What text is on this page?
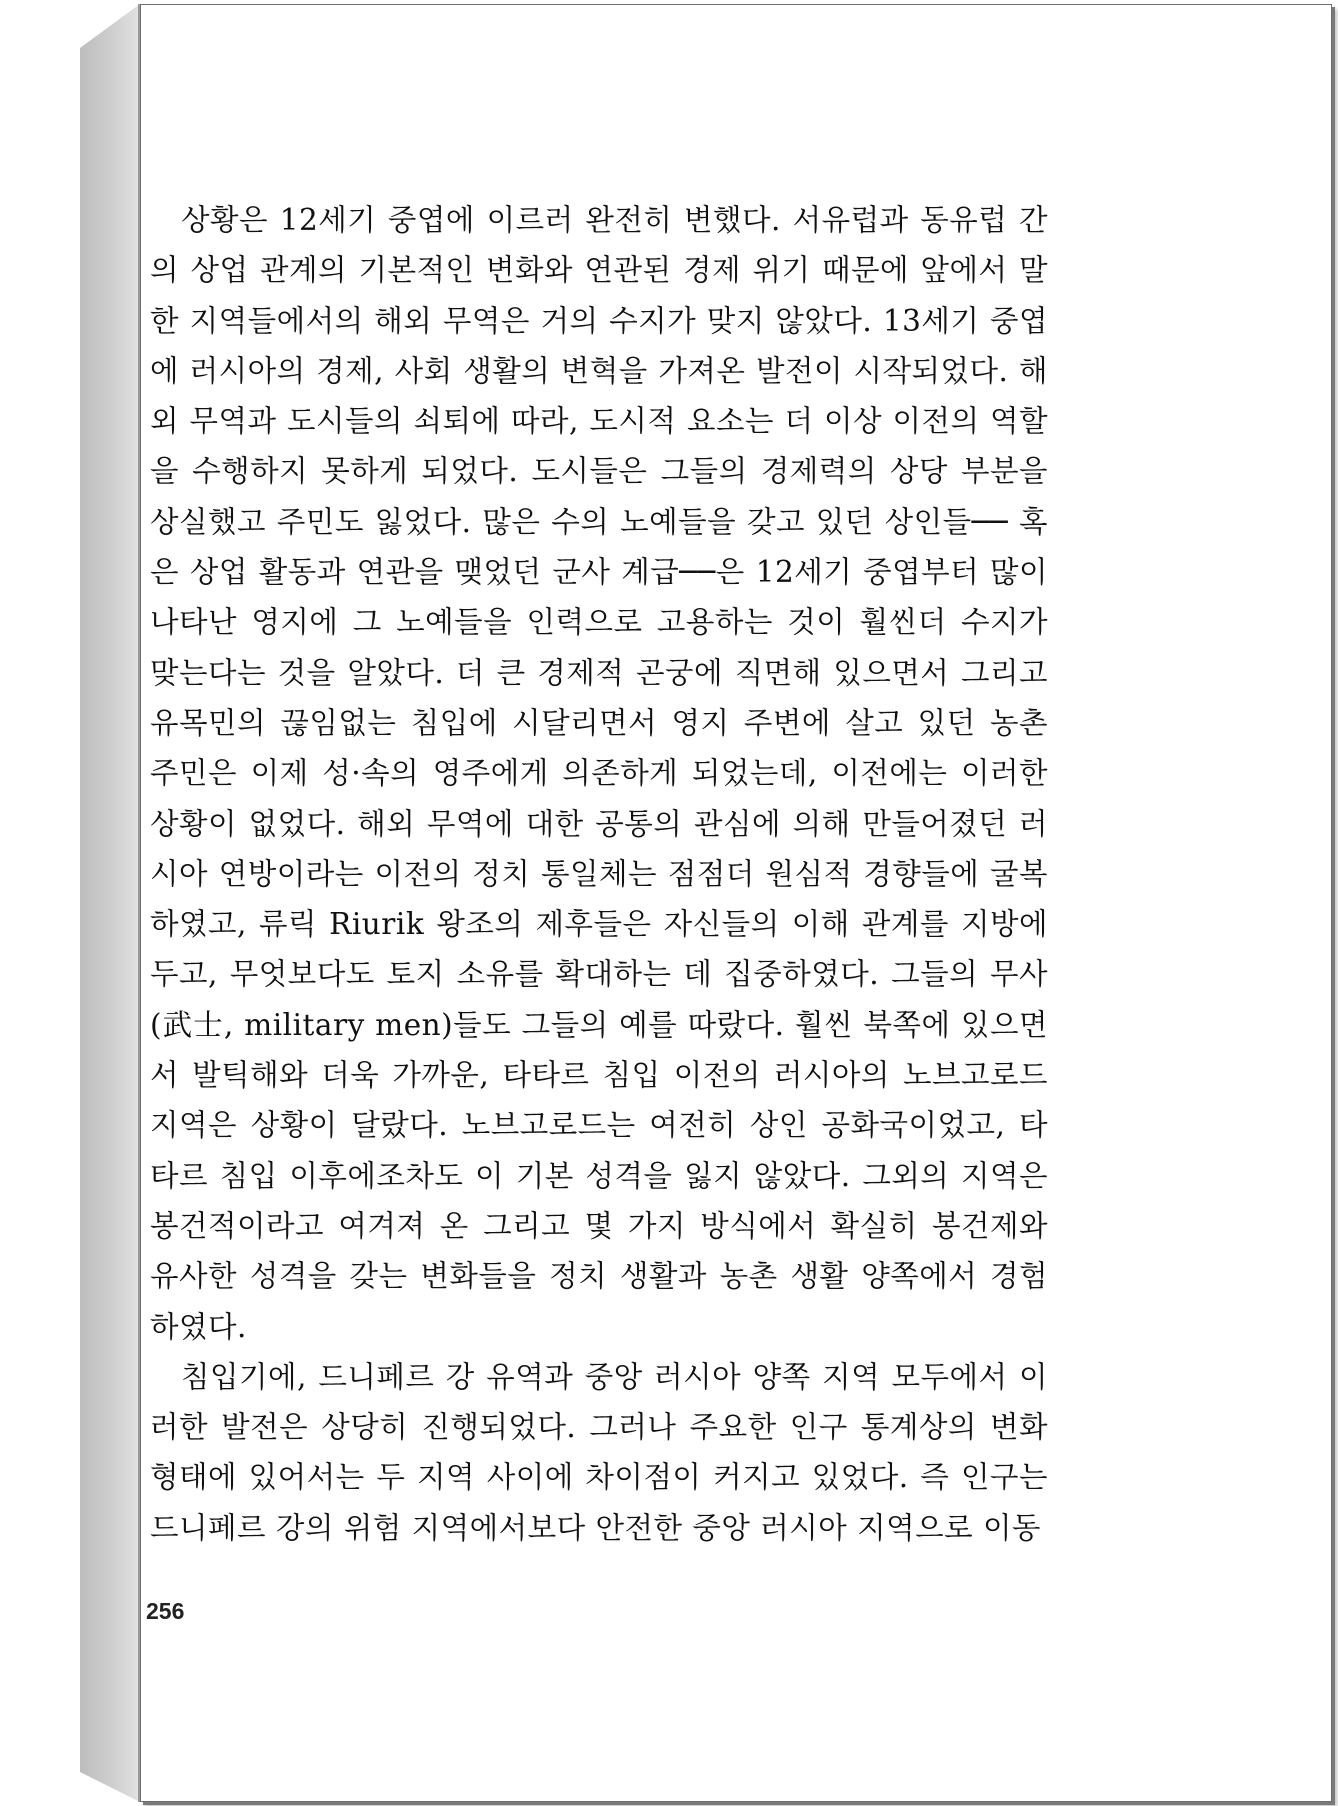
상황은 12세기 중엽에 이르러 완전히 변했다. 서유럽과 동유럽 간의 상업 관계의 기본적인 변화와 연관된 경제 위기 때문에 앞에서 말한 지역들에서의 해외 무역은 거의 수지가 맞지 않았다. 13세기 중엽에 러시아의 경제, 사회 생활의 변혁을 가져온 발전이 시작되었다. 해외 무역과 도시들의 쇠퇴에 따라, 도시적 요소는 더 이상 이전의 역할을 수행하지 못하게 되었다. 도시들은 그들의 경제력의 상당 부분을 상실했고 주민도 잃었다. 많은 수의 노예들을 갖고 있던 상인들── 혹은 상업 활동과 연관을 맺었던 군사 계급──은 12세기 중엽부터 많이 나타난 영지에 그 노예들을 인력으로 고용하는 것이 훨씬더 수지가 맞는다는 것을 알았다. 더 큰 경제적 곤궁에 직면해 있으면서 그리고 유목민의 끊임없는 침입에 시달리면서 영지 주변에 살고 있던 농촌 주민은 이제 성·속의 영주에게 의존하게 되었는데, 이전에는 이러한 상황이 없었다. 해외 무역에 대한 공통의 관심에 의해 만들어졌던 러시아 연방이라는 이전의 정치 통일체는 점점더 원심적 경향들에 굴복하였고, 류릭 Riurik 왕조의 제후들은 자신들의 이해 관계를 지방에 두고, 무엇보다도 토지 소유를 확대하는 데 집중하였다. 그들의 무사(武士, military men)들도 그들의 예를 따랐다. 훨씬 북쪽에 있으면서 발틱해와 더욱 가까운, 타타르 침입 이전의 러시아의 노브고로드 지역은 상황이 달랐다. 노브고로드는 여전히 상인 공화국이었고, 타타르 침입 이후에조차도 이 기본 성격을 잃지 않았다. 그외의 지역은 봉건적이라고 여겨져 온 그리고 몇 가지 방식에서 확실히 봉건제와 유사한 성격을 갖는 변화들을 정치 생활과 농촌 생활 양쪽에서 경험하였다.

침입기에, 드니페르 강 유역과 중앙 러시아 양쪽 지역 모두에서 이러한 발전은 상당히 진행되었다. 그러나 주요한 인구 통계상의 변화 형태에 있어서는 두 지역 사이에 차이점이 커지고 있었다. 즉 인구는 드니페르 강의 위험 지역에서보다 안전한 중앙 러시아 지역으로 이동

256
